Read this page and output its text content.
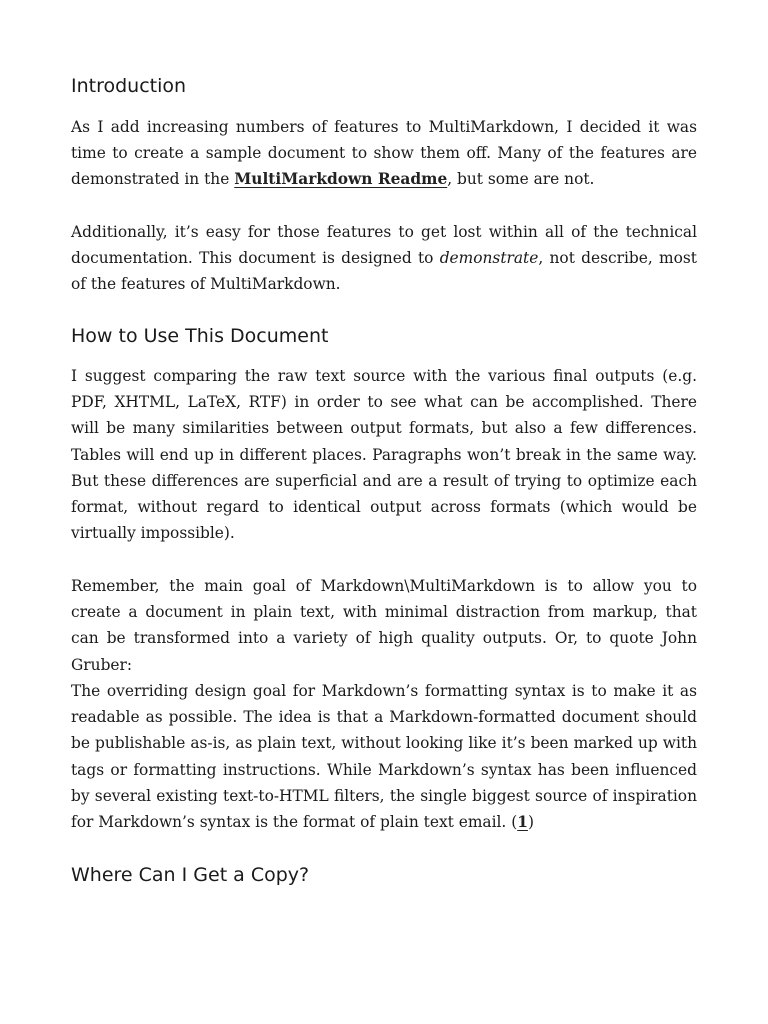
Introduction

As I add increasing numbers of features to MultiMarkdown, I decided it was time to create a sample document to show them off. Many of the features are demonstrated in the MultiMarkdown Readme, but some are not.

Additionally, it’s easy for those features to get lost within all of the technical documentation. This document is designed to demonstrate, not describe, most of the features of MultiMarkdown.

How to Use This Document

I suggest comparing the raw text source with the various final outputs (e.g. PDF, XHTML, LaTeX, RTF) in order to see what can be accomplished. There will be many similarities between output formats, but also a few differences. Tables will end up in different places. Paragraphs won’t break in the same way. But these differences are superficial and are a result of trying to optimize each format, without regard to identical output across formats (which would be virtually impossible).

Remember, the main goal of Markdown\MultiMarkdown is to allow you to create a document in plain text, with minimal distraction from markup, that can be transformed into a variety of high quality outputs. Or, to quote John Gruber:

The overriding design goal for Markdown’s formatting syntax is to make it as readable as possible. The idea is that a Markdown-formatted document should be publishable as-is, as plain text, without looking like it’s been marked up with tags or formatting instructions. While Markdown’s syntax has been influenced by several existing text-to-HTML filters, the single biggest source of inspiration for Markdown’s syntax is the format of plain text email. (1)

Where Can I Get a Copy?
